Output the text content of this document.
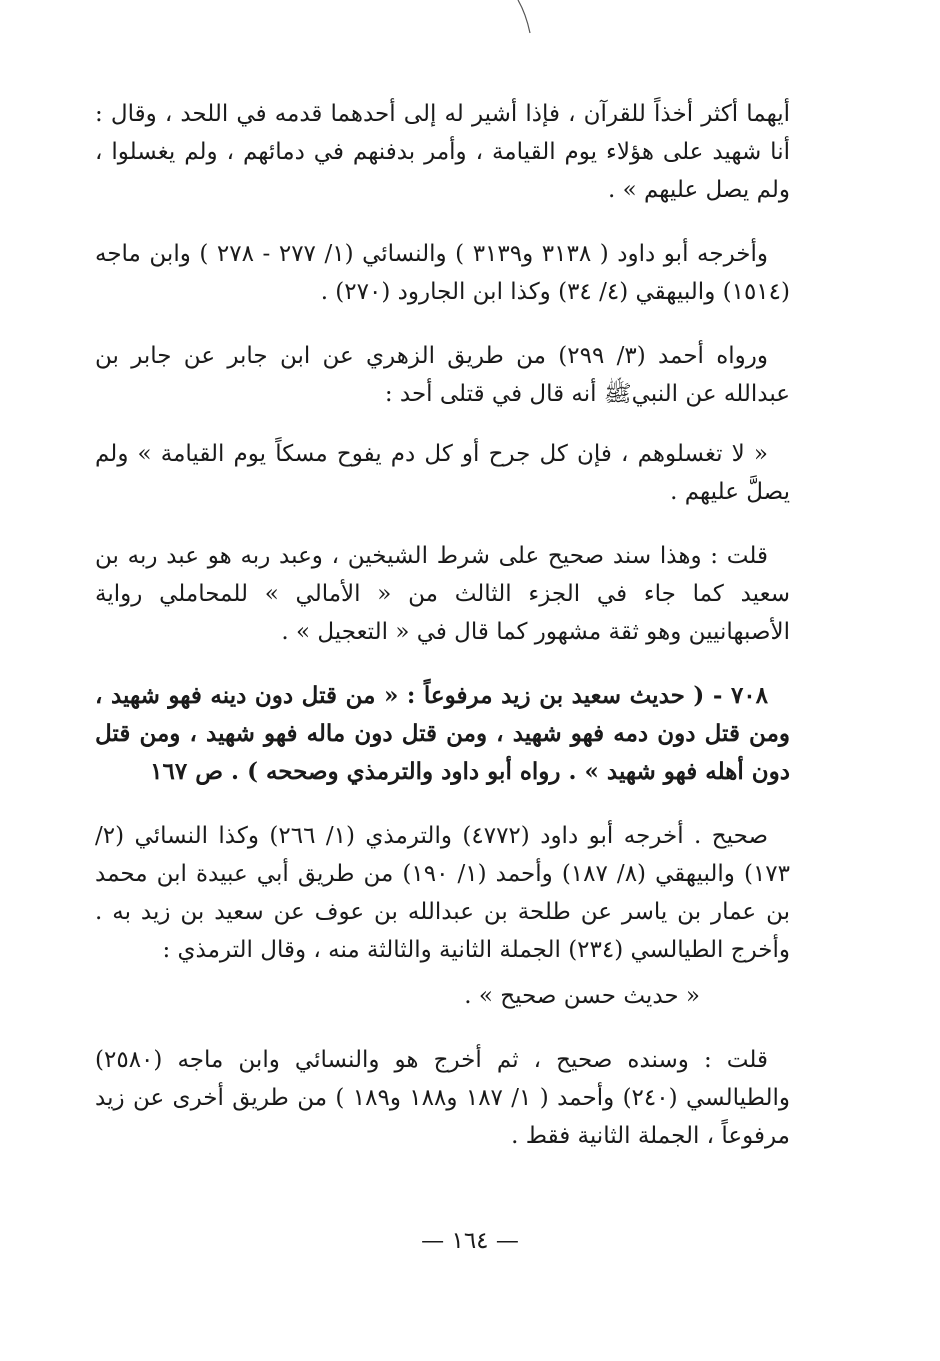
أيهما أكثر أخذاً للقرآن ، فإذا أشير له إلى أحدهما قدمه في اللحد ، وقال : أنا شهيد على هؤلاء يوم القيامة ، وأمر بدفنهم في دمائهم ، ولم يغسلوا ، ولم يصل عليهم » .

وأخرجه أبو داود ( ٣١٣٨ و٣١٣٩ ) والنسائي (١/ ٢٧٧ - ٢٧٨ ) وابن ماجه (١٥١٤) والبيهقي (٤/ ٣٤) وكذا ابن الجارود (٢٧٠) .

ورواه أحمد (٣/ ٢٩٩) من طريق الزهري عن ابن جابر عن جابر بن عبدالله عن النبيﷺ أنه قال في قتلى أحد :

« لا تغسلوهم ، فإن كل جرح أو كل دم يفوح مسكاً يوم القيامة » ولم يصلَّ عليهم .

قلت : وهذا سند صحيح على شرط الشيخين ، وعبد ربه هو عبد ربه بن سعيد كما جاء في الجزء الثالث من « الأمالي » للمحاملي رواية الأصبهانيين وهو ثقة مشهور كما قال في « التعجيل » .

٧٠٨ - ( حديث سعيد بن زيد مرفوعاً : « من قتل دون دينه فهو شهيد ، ومن قتل دون دمه فهو شهيد ، ومن قتل دون ماله فهو شهيد ، ومن قتل دون أهله فهو شهيد » . رواه أبو داود والترمذي وصححه ) . ص ١٦٧

صحيح . أخرجه أبو داود (٤٧٧٢) والترمذي (١/ ٢٦٦) وكذا النسائي (٢/ ١٧٣) والبيهقي (٨/ ١٨٧) وأحمد (١/ ١٩٠) من طريق أبي عبيدة ابن محمد بن عمار بن ياسر عن طلحة بن عبدالله بن عوف عن سعيد بن زيد به . وأخرج الطيالسي (٢٣٤) الجملة الثانية والثالثة منه ، وقال الترمذي :

« حديث حسن صحيح » .

قلت : وسنده صحيح ، ثم أخرج هو والنسائي وابن ماجه (٢٥٨٠) والطيالسي (٢٤٠) وأحمد ( ١/ ١٨٧ و١٨٨ و١٨٩ ) من طريق أخرى عن زيد مرفوعاً ، الجملة الثانية فقط .

— ١٦٤ —
